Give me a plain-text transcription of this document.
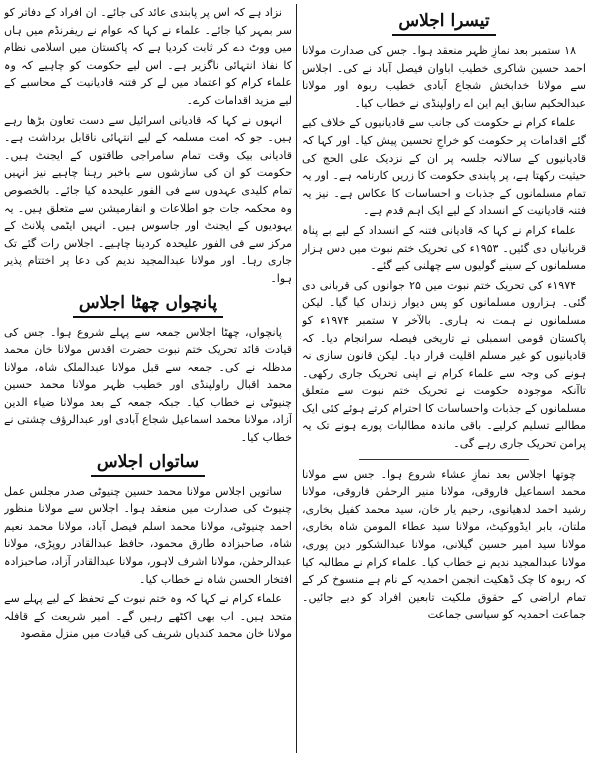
تیسرا اجلاس

۱۸ ستمبر بعد نمازِ ظہر منعقد ہوا۔ جس کی صدارت مولانا احمد حسین شاکری خطیب اباوان فیصل آباد نے کی۔ اجلاس سے مولانا خدابخش شجاع آبادی خطیب ربوہ اور مولانا عبدالحکیم سابق ایم این اے راولپنڈی نے خطاب کیا۔

علماء کرام نے حکومت کی جانب سے قادیانیوں کے خلاف کیے گئے اقدامات پر حکومت کو خراجِ تحسین پیش کیا۔ اور کہا کہ قادیانیوں کے سالانہ جلسہ پر ان کے نزدیک علی الحج کی حیثیت رکھتا ہے، پر پابندی حکومت کا زریں کارنامہ ہے۔ اور یہ تمام مسلمانوں کے جذبات و احساسات کا عکاس ہے۔ نیز یہ فتنہ قادیانیت کے انسداد کے لیے ایک اہم قدم ہے۔

علماء کرام نے کہا کہ قادیانی فتنہ کے انسداد کے لیے بے پناہ قربانیاں دی گئیں۔ ۱۹۵۳ء کی تحریک ختم نبوت میں دس ہزار مسلمانوں کے سینے گولیوں سے چھلنی کیے گئے۔

۱۹۷۴ء کی تحریک ختم نبوت میں ۲۵ جوانوں کی قربانی دی گئی۔ ہزاروں مسلمانوں کو پس دیوار زنداں کیا گیا۔ لیکن مسلمانوں نے ہمت نہ ہاری۔ بالآخر ۷ ستمبر ۱۹۷۴ء کو پاکستان قومی اسمبلی نے تاریخی فیصلہ سرانجام دیا۔ کہ قادیانیوں کو غیر مسلم اقلیت قرار دیا۔ لیکن قانون سازی نہ ہونے کی وجہ سے علماء کرام نے اپنی تحریک جاری رکھی۔ تاآنکہ موجودہ حکومت نے تحریک ختم نبوت سے متعلق مسلمانوں کے جذبات واحساسات کا احترام کرتے ہوئے کئی ایک مطالبے تسلیم کرلیے۔ باقی ماندہ مطالبات پورے ہونے تک یہ پرامن تحریک جاری رہے گی۔

چوتھا اجلاس بعد نمازِ عشاء شروع ہوا۔ جس سے مولانا محمد اسماعیل فاروقی، مولانا منیر الرحمٰن فاروقی، مولانا رشید احمد لدھیانوی، رحیم یار خان، سید محمد کفیل بخاری، ملتان، بابر ایڈووکیٹ، مولانا سید عطاء المومن شاہ بخاری، مولانا سید امیر حسین گیلانی، مولانا عبدالشکور دین پوری، مولانا عبدالمجید ندیم نے خطاب کیا۔ علماء کرام نے مطالبہ کیا کہ ربوہ کا چک ڈھکیت انجمن احمدیہ کے نام ہے منسوخ کر کے تمام اراضی کے حقوق ملکیت تابعین افراد کو دیے جائیں۔ جماعت احمدیہ کو سیاسی جماعت

نزاد ہے کہ اس پر پابندی عائد کی جائے۔ ان افراد کے دفاتر کو سر بمہر کیا جائے۔ علماء نے کہا کہ عوام نے ریفرنڈم میں ہاں میں ووٹ دے کر ثابت کردیا ہے کہ پاکستان میں اسلامی نظام کا نفاذ انتہائی ناگزیر ہے۔ اس لیے حکومت کو چاہیے کہ وہ علماء کرام کو اعتماد میں لے کر فتنہ قادیانیت کے محاسبے کے لیے مزید اقدامات کرے۔

انہوں نے کہا کہ قادیانی اسرائیل سے دست تعاون بڑھا رہے ہیں۔ جو کہ امت مسلمہ کے لیے انتہائی ناقابل برداشت ہے۔ قادیانی بیک وقت تمام سامراجی طاقتوں کے ایجنٹ ہیں۔ حکومت کو ان کی سازشوں سے باخبر رہنا چاہیے نیز انہیں تمام کلیدی عہدوں سے فی الفور علیحدہ کیا جائے۔ بالخصوص وہ محکمہ جات جو اطلاعات و انفارمیشن سے متعلق ہیں۔ یہ یہودیوں کے ایجنٹ اور جاسوس ہیں۔ انہیں ایٹمی پلانٹ کے مرکز سے فی الفور علیحدہ کردینا چاہیے۔ اجلاس رات گئے تک جاری رہا۔ اور مولانا عبدالمجید ندیم کی دعا پر اختتام پذیر ہوا۔

پانچواں چھٹا اجلاس

پانچواں، چھٹا اجلاس جمعہ سے پہلے شروع ہوا۔ جس کی قیادت قائد تحریک ختم نبوت حضرت اقدس مولانا خان محمد مدظلہ نے کی۔ جمعہ سے قبل مولانا عبدالملک شاہ، مولانا محمد اقبال راولپنڈی اور خطیب ظہر مولانا محمد حسین چنیوٹی نے خطاب کیا۔ جبکہ جمعہ کے بعد مولانا ضیاء الدین آزاد، مولانا محمد اسماعیل شجاع آبادی اور عبدالرؤف چشتی نے خطاب کیا۔

ساتواں اجلاس

ساتویں اجلاس مولانا محمد حسین چنیوٹی صدر مجلس عمل چنیوٹ کی صدارت میں منعقد ہوا۔ اجلاس سے مولانا منظور احمد چنیوٹی، مولانا محمد اسلم فیصل آباد، مولانا محمد نعیم شاہ، صاحبزادہ طارق محمود، حافظ عبدالقادر روپڑی، مولانا عبدالرحمٰن، مولانا اشرف لاہور، مولانا عبدالقادر آزاد، صاحبزادہ افتخار الحسن شاہ نے خطاب کیا۔

علماء کرام نے کہا کہ وہ ختم نبوت کے تحفظ کے لیے پہلے سے متحد ہیں۔ اب بھی اکٹھے رہیں گے۔ امیر شریعت کے قافلہ مولانا خان محمد کندیاں شریف کی قیادت میں منزل مقصود
